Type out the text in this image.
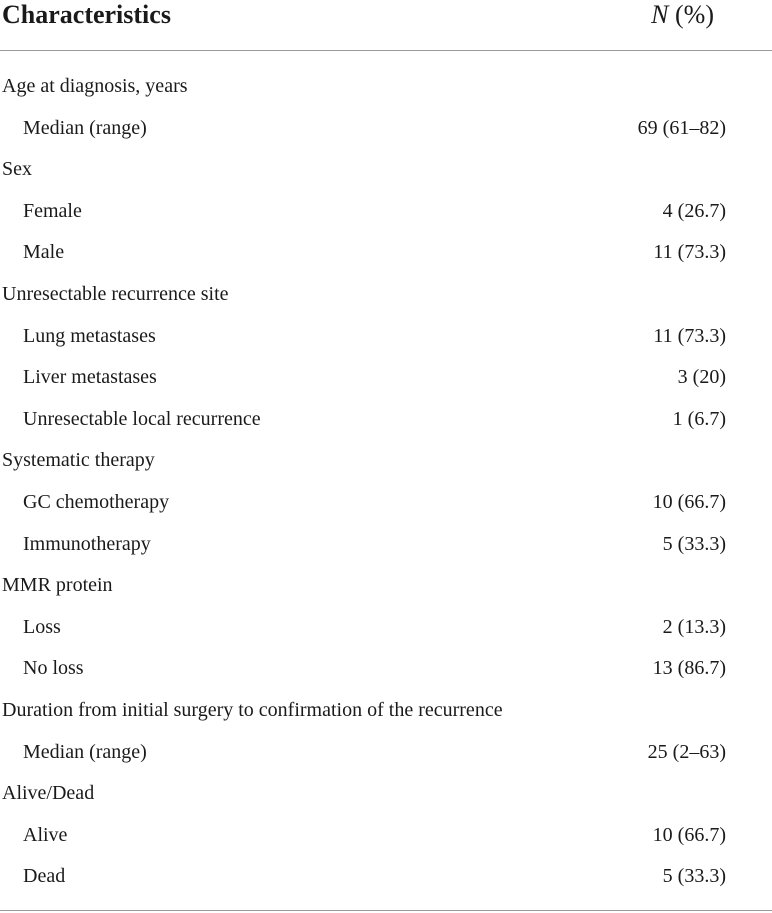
Characteristics	N (%)
Age at diagnosis, years
Median (range)	69 (61–82)
Sex
Female	4 (26.7)
Male	11 (73.3)
Unresectable recurrence site
Lung metastases	11 (73.3)
Liver metastases	3 (20)
Unresectable local recurrence	1 (6.7)
Systematic therapy
GC chemotherapy	10 (66.7)
Immunotherapy	5 (33.3)
MMR protein
Loss	2 (13.3)
No loss	13 (86.7)
Duration from initial surgery to confirmation of the recurrence
Median (range)	25 (2–63)
Alive/Dead
Alive	10 (66.7)
Dead	5 (33.3)
